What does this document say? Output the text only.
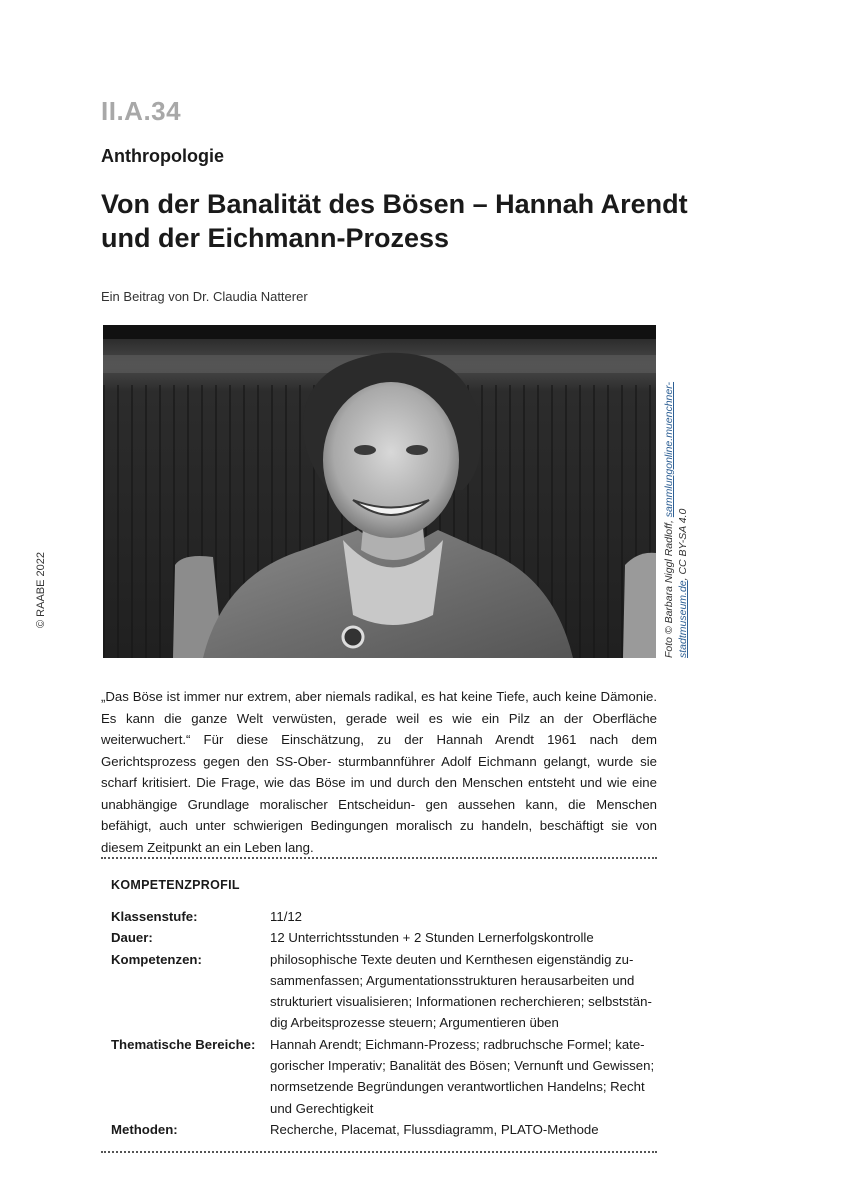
II.A.34
Anthropologie
Von der Banalität des Bösen – Hannah Arendt
und der Eichmann-Prozess
Ein Beitrag von Dr. Claudia Natterer
© RAABE 2022	Foto © Barbara Niggl Radloff, sammlungonline.muenchner-stadtmuseum.de, CC BY-SA 4.0
„Das Böse ist immer nur extrem, aber niemals radikal, es hat keine Tiefe, auch keine Dämonie. Es kann die ganze Welt verwüsten, gerade weil es wie ein Pilz an der Oberfläche weiterwuchert.“ Für diese Einschätzung, zu der Hannah Arendt 1961 nach dem Gerichtsprozess gegen den SS-Ober- sturmbannführer Adolf Eichmann gelangt, wurde sie scharf kritisiert. Die Frage, wie das Böse im und durch den Menschen entsteht und wie eine unabhängige Grundlage moralischer Entscheidun- gen aussehen kann, die Menschen befähigt, auch unter schwierigen Bedingungen moralisch zu handeln, beschäftigt sie von diesem Zeitpunkt an ein Leben lang.
KOMPETENZPROFIL
Klassenstufe:	11/12
Dauer:	12 Unterrichtsstunden + 2 Stunden Lernerfolgskontrolle
Kompetenzen:	philosophische Texte deuten und Kernthesen eigenständig zu-
sammenfassen; Argumentationsstrukturen herausarbeiten und
strukturiert visualisieren; Informationen recherchieren; selbststän-
dig Arbeitsprozesse steuern; Argumentieren üben
Thematische Bereiche:	Hannah Arendt; Eichmann-Prozess; radbruchsche Formel; kate-
gorischer Imperativ; Banalität des Bösen; Vernunft und Gewissen;
normsetzende Begründungen verantwortlichen Handelns; Recht
und Gerechtigkeit
Methoden:	Recherche, Placemat, Flussdiagramm, PLATO-Methode
